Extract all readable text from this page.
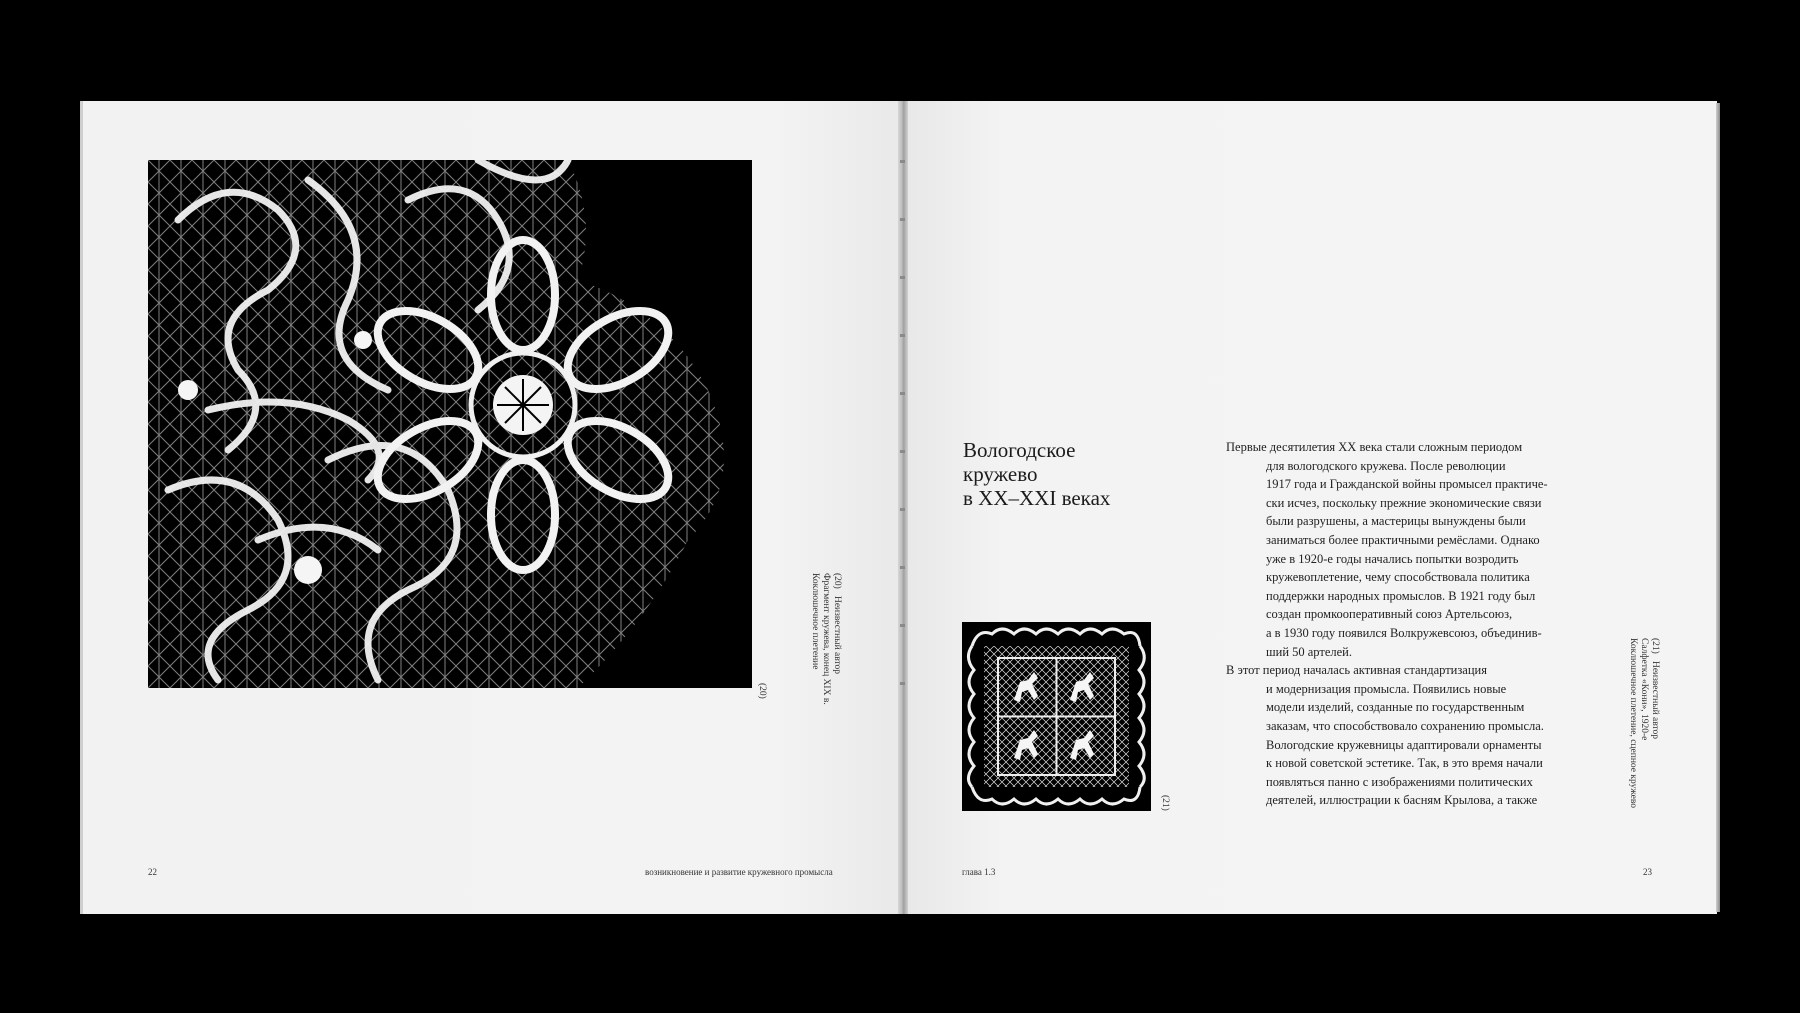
(20)
(20)   Неизвестный автор
Фрагмент кружева, конец XIX в.
Коклюшечное плетение
22	возникновение и развитие кружевного промысла
Вологодское
кружево
в XX–XXI веках
Первые десятилетия XX века стали сложным периодом
для вологодского кружева. После революции
1917 года и Гражданской войны промысел практиче-
ски исчез, поскольку прежние экономические связи
были разрушены, а мастерицы вынуждены были
заниматься более практичными ремёслами. Однако
уже в 1920-е годы начались попытки возродить
кружевоплетение, чему способствовала политика
поддержки народных промыслов. В 1921 году был
создан промкооперативный союз Артельсоюз,
а в 1930 году появился Волкружевсоюз, объединив-
ший 50 артелей.
В этот период началась активная стандартизация
и модернизация промысла. Появились новые
модели изделий, созданные по государственным
заказам, что способствовало сохранению промысла.
Вологодские кружевницы адаптировали орнаменты
к новой советской эстетике. Так, в это время начали
появляться панно с изображениями политических
деятелей, иллюстрации к басням Крылова, а также
(21)
(21)   Неизвестный автор
Салфетка «Кони», 1920-е
Коклюшечное плетение, сцепное кружево
глава 1.3	23
